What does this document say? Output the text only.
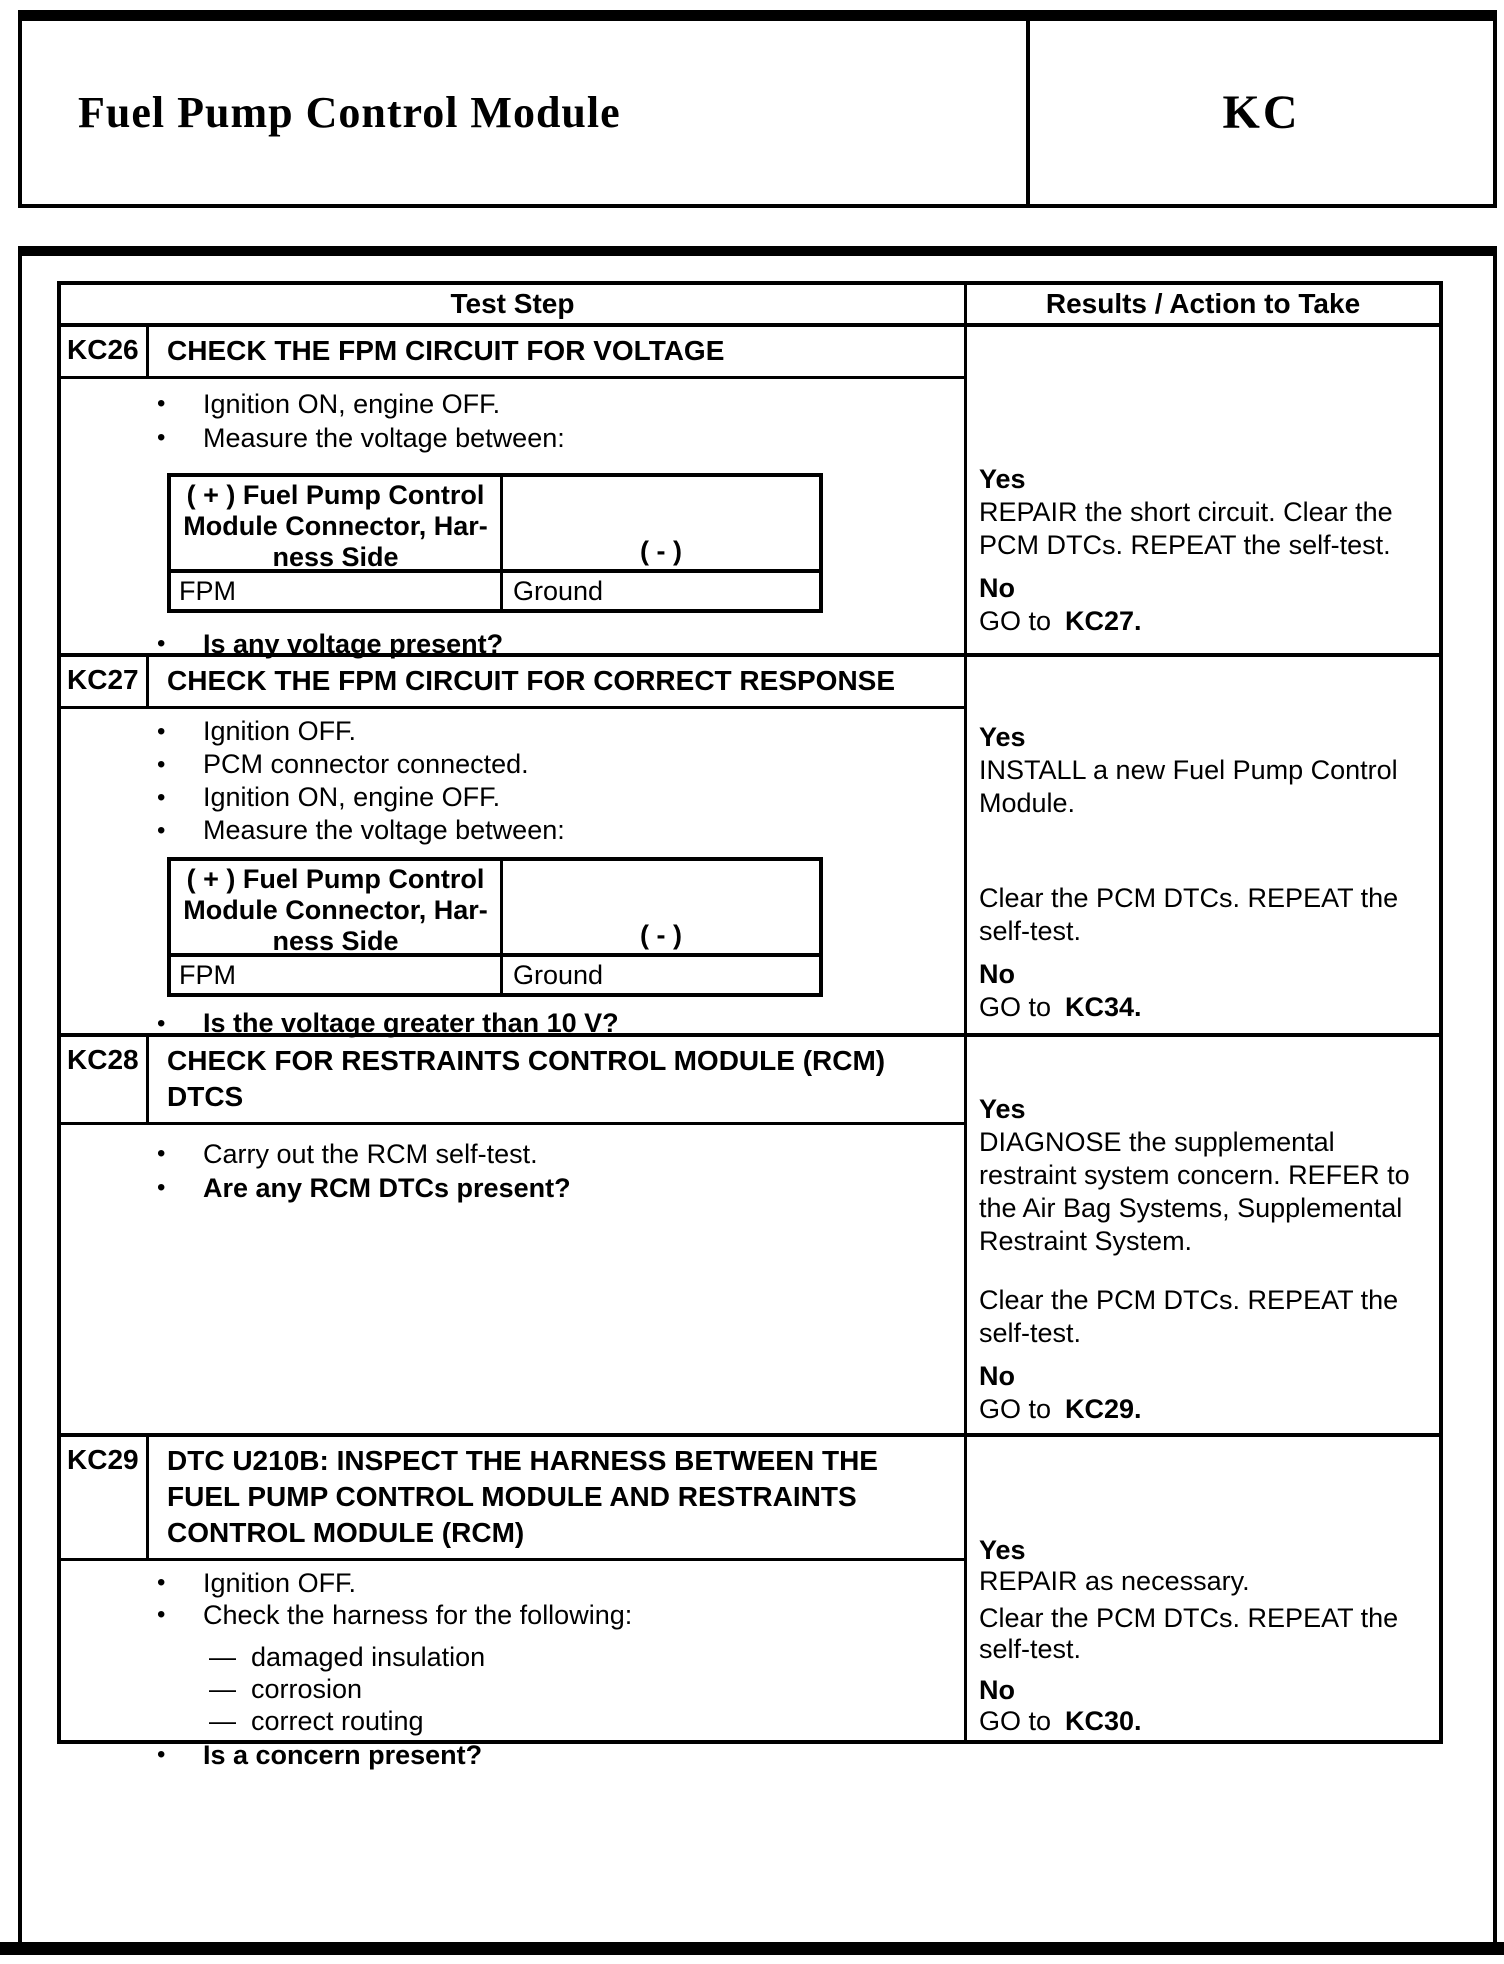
Fuel Pump Control Module	KC
Test Step	Results / Action to Take
KC26	CHECK THE FPM CIRCUIT FOR VOLTAGE
•	Ignition ON, engine OFF.
•	Measure the voltage between:
( + ) Fuel Pump Control
Module Connector, Har-
ness Side	( - )
FPM	Ground
•	Is any voltage present?
Yes
REPAIR the short circuit. Clear the PCM DTCs. REPEAT the self-test.
No
GO to KC27.
KC27	CHECK THE FPM CIRCUIT FOR CORRECT RESPONSE
•	Ignition OFF.
•	PCM connector connected.
•	Ignition ON, engine OFF.
•	Measure the voltage between:
( + ) Fuel Pump Control
Module Connector, Har-
ness Side	( - )
FPM	Ground
•	Is the voltage greater than 10 V?
Yes
INSTALL a new Fuel Pump Control Module.
Clear the PCM DTCs. REPEAT the self-test.
No
GO to KC34.
KC28	CHECK FOR RESTRAINTS CONTROL MODULE (RCM)
DTCS
•	Carry out the RCM self-test.
•	Are any RCM DTCs present?
Yes
DIAGNOSE the supplemental restraint system concern. REFER to the Air Bag Systems, Supplemental Restraint System.
Clear the PCM DTCs. REPEAT the self-test.
No
GO to KC29.
KC29	DTC U210B: INSPECT THE HARNESS BETWEEN THE
FUEL PUMP CONTROL MODULE AND RESTRAINTS
CONTROL MODULE (RCM)
•	Ignition OFF.
•	Check the harness for the following:
— damaged insulation
— corrosion
— correct routing
•	Is a concern present?
Yes
REPAIR as necessary.
Clear the PCM DTCs. REPEAT the self-test.
No
GO to KC30.
